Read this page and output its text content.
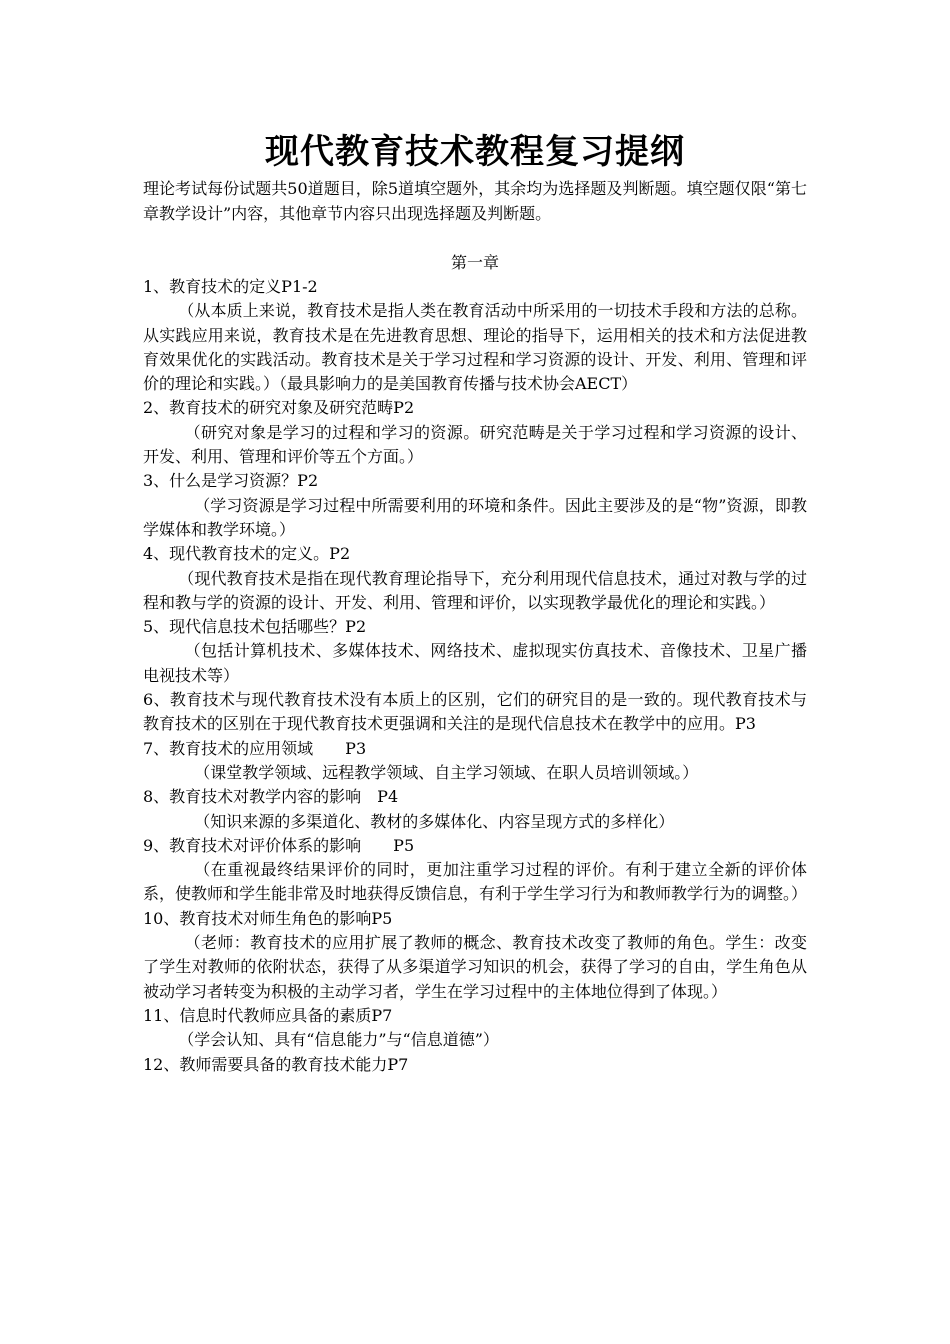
现代教育技术教程复习提纲

理论考试每份试题共50道题目，除5道填空题外，其余均为选择题及判断题。填空题仅限“第七章教学设计”内容，其他章节内容只出现选择题及判断题。

第一章

1、教育技术的定义P1-2

（从本质上来说，教育技术是指人类在教育活动中所采用的一切技术手段和方法的总称。从实践应用来说，教育技术是在先进教育思想、理论的指导下，运用相关的技术和方法促进教育效果优化的实践活动。教育技术是关于学习过程和学习资源的设计、开发、利用、管理和评价的理论和实践。）（最具影响力的是美国教育传播与技术协会AECT）

2、教育技术的研究对象及研究范畴P2

（研究对象是学习的过程和学习的资源。研究范畴是关于学习过程和学习资源的设计、开发、利用、管理和评价等五个方面。）

3、什么是学习资源？P2

（学习资源是学习过程中所需要利用的环境和条件。因此主要涉及的是“物”资源，即教学媒体和教学环境。）

4、现代教育技术的定义。P2

（现代教育技术是指在现代教育理论指导下，充分利用现代信息技术，通过对教与学的过程和教与学的资源的设计、开发、利用、管理和评价，以实现教学最优化的理论和实践。）

5、现代信息技术包括哪些？P2

（包括计算机技术、多媒体技术、网络技术、虚拟现实仿真技术、音像技术、卫星广播电视技术等）

6、教育技术与现代教育技术没有本质上的区别，它们的研究目的是一致的。现代教育技术与教育技术的区别在于现代教育技术更强调和关注的是现代信息技术在教学中的应用。P3

7、教育技术的应用领域　　P3

（课堂教学领域、远程教学领域、自主学习领域、在职人员培训领域。）

8、教育技术对教学内容的影响　P4

（知识来源的多渠道化、教材的多媒体化、内容呈现方式的多样化）

9、教育技术对评价体系的影响　　P5

（在重视最终结果评价的同时，更加注重学习过程的评价。有利于建立全新的评价体系，使教师和学生能非常及时地获得反馈信息，有利于学生学习行为和教师教学行为的调整。）

10、教育技术对师生角色的影响P5

（老师：教育技术的应用扩展了教师的概念、教育技术改变了教师的角色。学生：改变了学生对教师的依附状态，获得了从多渠道学习知识的机会，获得了学习的自由，学生角色从被动学习者转变为积极的主动学习者，学生在学习过程中的主体地位得到了体现。）

11、信息时代教师应具备的素质P7

（学会认知、具有“信息能力”与“信息道德”）

12、教师需要具备的教育技术能力P7
